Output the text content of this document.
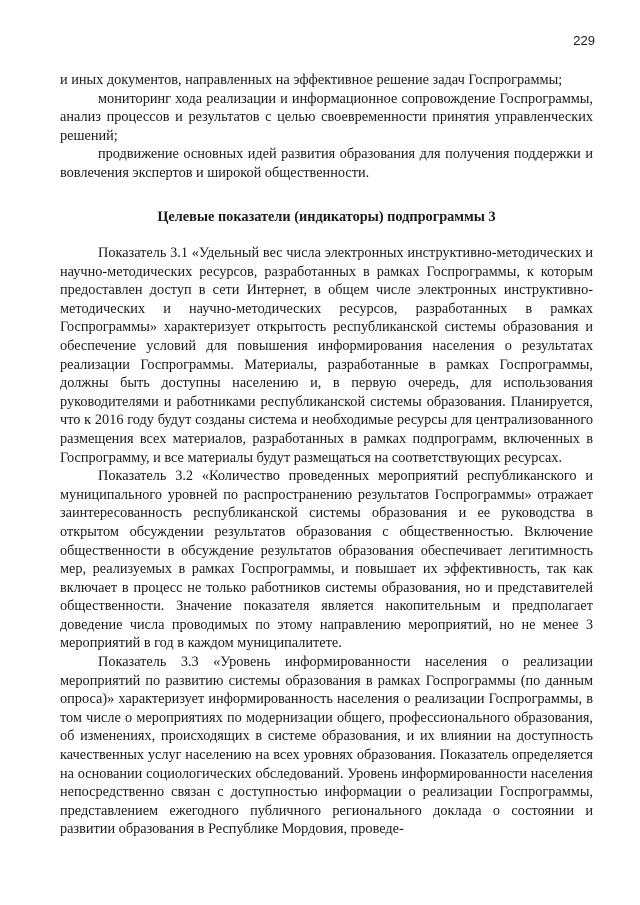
229

и иных документов, направленных на эффективное решение задач Госпрограммы;

мониторинг хода реализации и информационное сопровождение Госпрограммы, анализ процессов и результатов с целью своевременности принятия управленческих решений;

продвижение основных идей развития образования для получения поддержки и вовлечения экспертов и широкой общественности.

Целевые показатели (индикаторы) подпрограммы 3

Показатель 3.1 «Удельный вес числа электронных инструктивно-методических и научно-методических ресурсов, разработанных в рамках Госпрограммы, к которым предоставлен доступ в сети Интернет, в общем числе электронных инструктивно-методических и научно-методических ресурсов, разработанных в рамках Госпрограммы» характеризует открытость республиканской системы образования и обеспечение условий для повышения информирования населения о результатах реализации Госпрограммы. Материалы, разработанные в рамках Госпрограммы, должны быть доступны населению и, в первую очередь, для использования руководителями и работниками республиканской системы образования. Планируется, что к 2016 году будут созданы система и необходимые ресурсы для централизованного размещения всех материалов, разработанных в рамках подпрограмм, включенных в Госпрограмму, и все материалы будут размещаться на соответствующих ресурсах.

Показатель 3.2 «Количество проведенных мероприятий республиканского и муниципального уровней по распространению результатов Госпрограммы» отражает заинтересованность республиканской системы образования и ее руководства в открытом обсуждении результатов образования с общественностью. Включение общественности в обсуждение результатов образования обеспечивает легитимность мер, реализуемых в рамках Госпрограммы, и повышает их эффективность, так как включает в процесс не только работников системы образования, но и представителей общественности. Значение показателя является накопительным и предполагает доведение числа проводимых по этому направлению мероприятий, но не менее 3 мероприятий в год в каждом муниципалитете.

Показатель 3.3 «Уровень информированности населения о реализации мероприятий по развитию системы образования в рамках Госпрограммы (по данным опроса)» характеризует информированность населения о реализации Госпрограммы, в том числе о мероприятиях по модернизации общего, профессионального образования, об изменениях, происходящих в системе образования, и их влиянии на доступность качественных услуг населению на всех уровнях образования. Показатель определяется на основании социологических обследований. Уровень информированности населения непосредственно связан с доступностью информации о реализации Госпрограммы, представлением ежегодного публичного регионального доклада о состоянии и развитии образования в Республике Мордовия, проведе-
